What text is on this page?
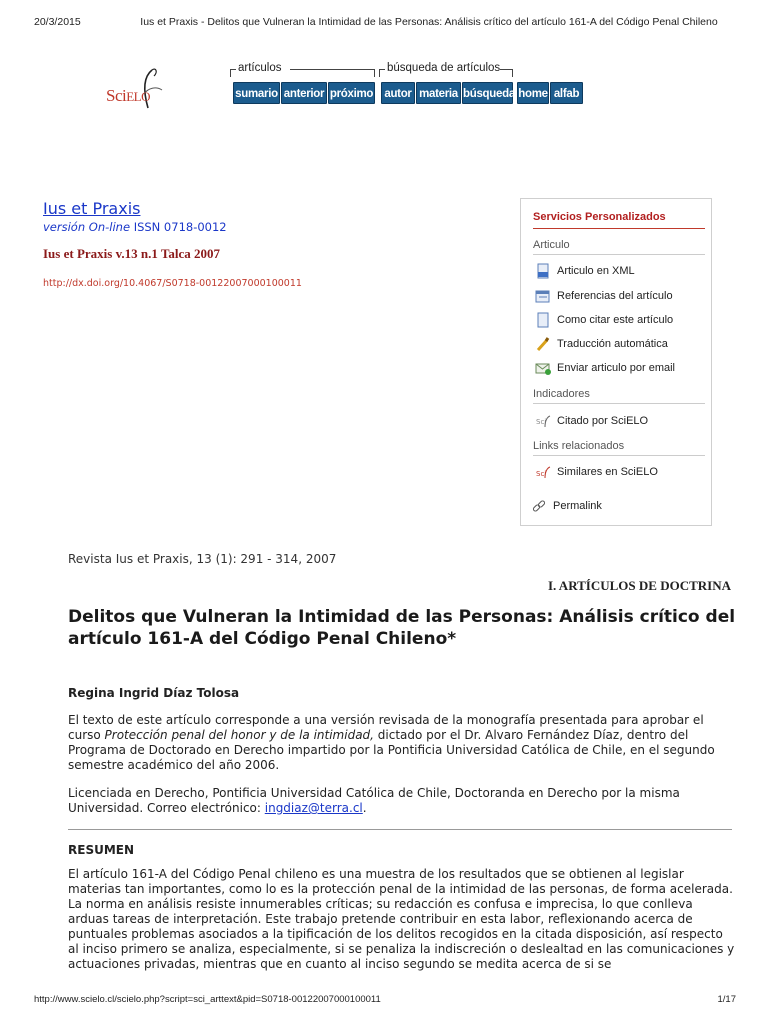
20/3/2015	Ius et Praxis - Delitos que Vulneran la Intimidad de las Personas: Análisis crítico del artículo 161-A del Código Penal Chileno
SciELO
artículos	búsqueda de artículos
sumario anterior próximo autor materia búsqueda home alfab
Ius et Praxis
versión On-line ISSN 0718-0012
Ius et Praxis v.13 n.1 Talca 2007
http://dx.doi.org/10.4067/S0718-00122007000100011
Servicios Personalizados
Articulo
Articulo en XML
Referencias del artículo
Como citar este artículo
Traducción automática
Enviar articulo por email
Indicadores
Sci Citado por SciELO
Links relacionados
Sci Similares en SciELO
Permalink
Revista Ius et Praxis, 13 (1): 291 - 314, 2007
I. ARTÍCULOS DE DOCTRINA
Delitos que Vulneran la Intimidad de las Personas: Análisis crítico del artículo 161-A del Código Penal Chileno*
Regina Ingrid Díaz Tolosa
El texto de este artículo corresponde a una versión revisada de la monografía presentada para aprobar el curso Protección penal del honor y de la intimidad, dictado por el Dr. Alvaro Fernández Díaz, dentro del Programa de Doctorado en Derecho impartido por la Pontificia Universidad Católica de Chile, en el segundo semestre académico del año 2006.
Licenciada en Derecho, Pontificia Universidad Católica de Chile, Doctoranda en Derecho por la misma Universidad. Correo electrónico: ingdiaz@terra.cl.
RESUMEN
El artículo 161-A del Código Penal chileno es una muestra de los resultados que se obtienen al legislar materias tan importantes, como lo es la protección penal de la intimidad de las personas, de forma acelerada. La norma en análisis resiste innumerables críticas; su redacción es confusa e imprecisa, lo que conlleva arduas tareas de interpretación. Este trabajo pretende contribuir en esta labor, reflexionando acerca de puntuales problemas asociados a la tipificación de los delitos recogidos en la citada disposición, así respecto al inciso primero se analiza, especialmente, si se penaliza la indiscreción o deslealtad en las comunicaciones y actuaciones privadas, mientras que en cuanto al inciso segundo se medita acerca de si se
http://www.scielo.cl/scielo.php?script=sci_arttext&pid=S0718-00122007000100011	1/17
